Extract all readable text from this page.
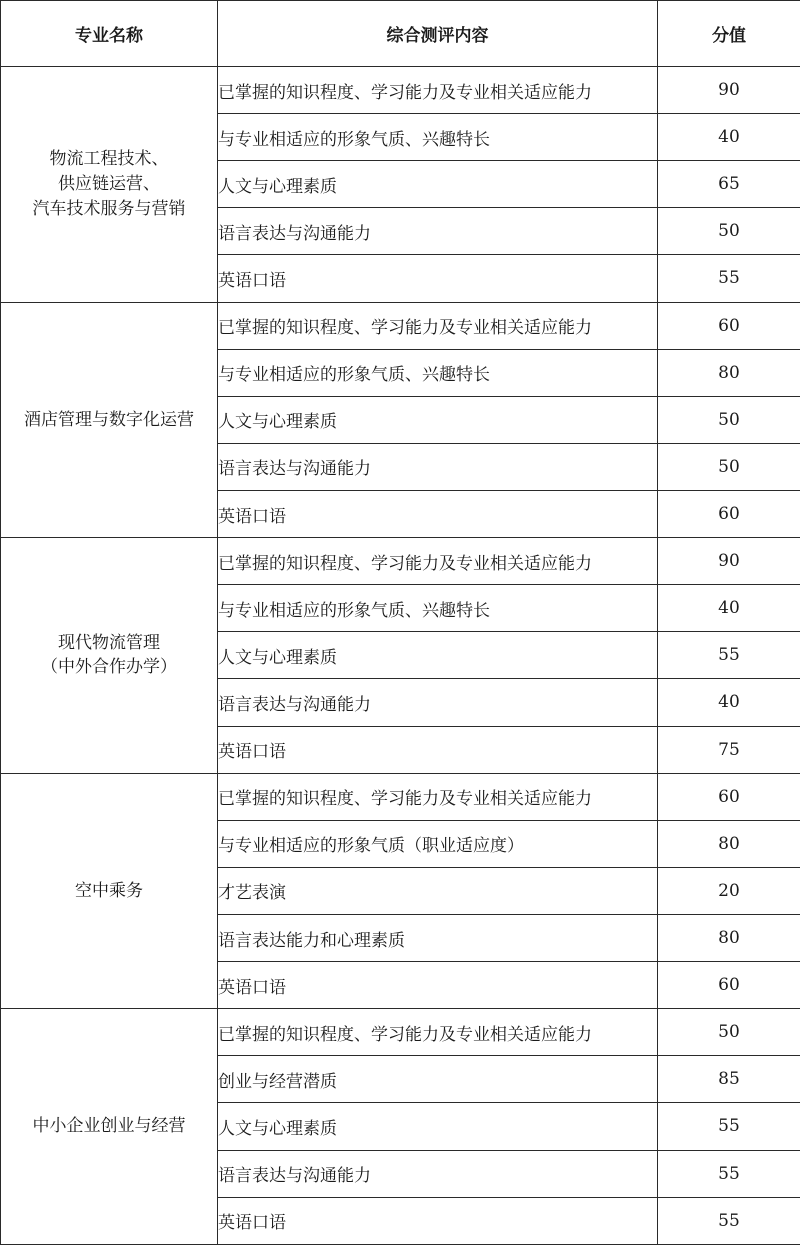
专业名称	综合测评内容	分值

物流工程技术、
供应链运营、
汽车技术服务与营销	已掌握的知识程度、学习能力及专业相关适应能力	90
	与专业相适应的形象气质、兴趣特长	40
	人文与心理素质	65
	语言表达与沟通能力	50
	英语口语	55

酒店管理与数字化运营	已掌握的知识程度、学习能力及专业相关适应能力	60
	与专业相适应的形象气质、兴趣特长	80
	人文与心理素质	50
	语言表达与沟通能力	50
	英语口语	60

现代物流管理
（中外合作办学）	已掌握的知识程度、学习能力及专业相关适应能力	90
	与专业相适应的形象气质、兴趣特长	40
	人文与心理素质	55
	语言表达与沟通能力	40
	英语口语	75

空中乘务	已掌握的知识程度、学习能力及专业相关适应能力	60
	与专业相适应的形象气质（职业适应度）	80
	才艺表演	20
	语言表达能力和心理素质	80
	英语口语	60

中小企业创业与经营	已掌握的知识程度、学习能力及专业相关适应能力	50
	创业与经营潜质	85
	人文与心理素质	55
	语言表达与沟通能力	55
	英语口语	55
